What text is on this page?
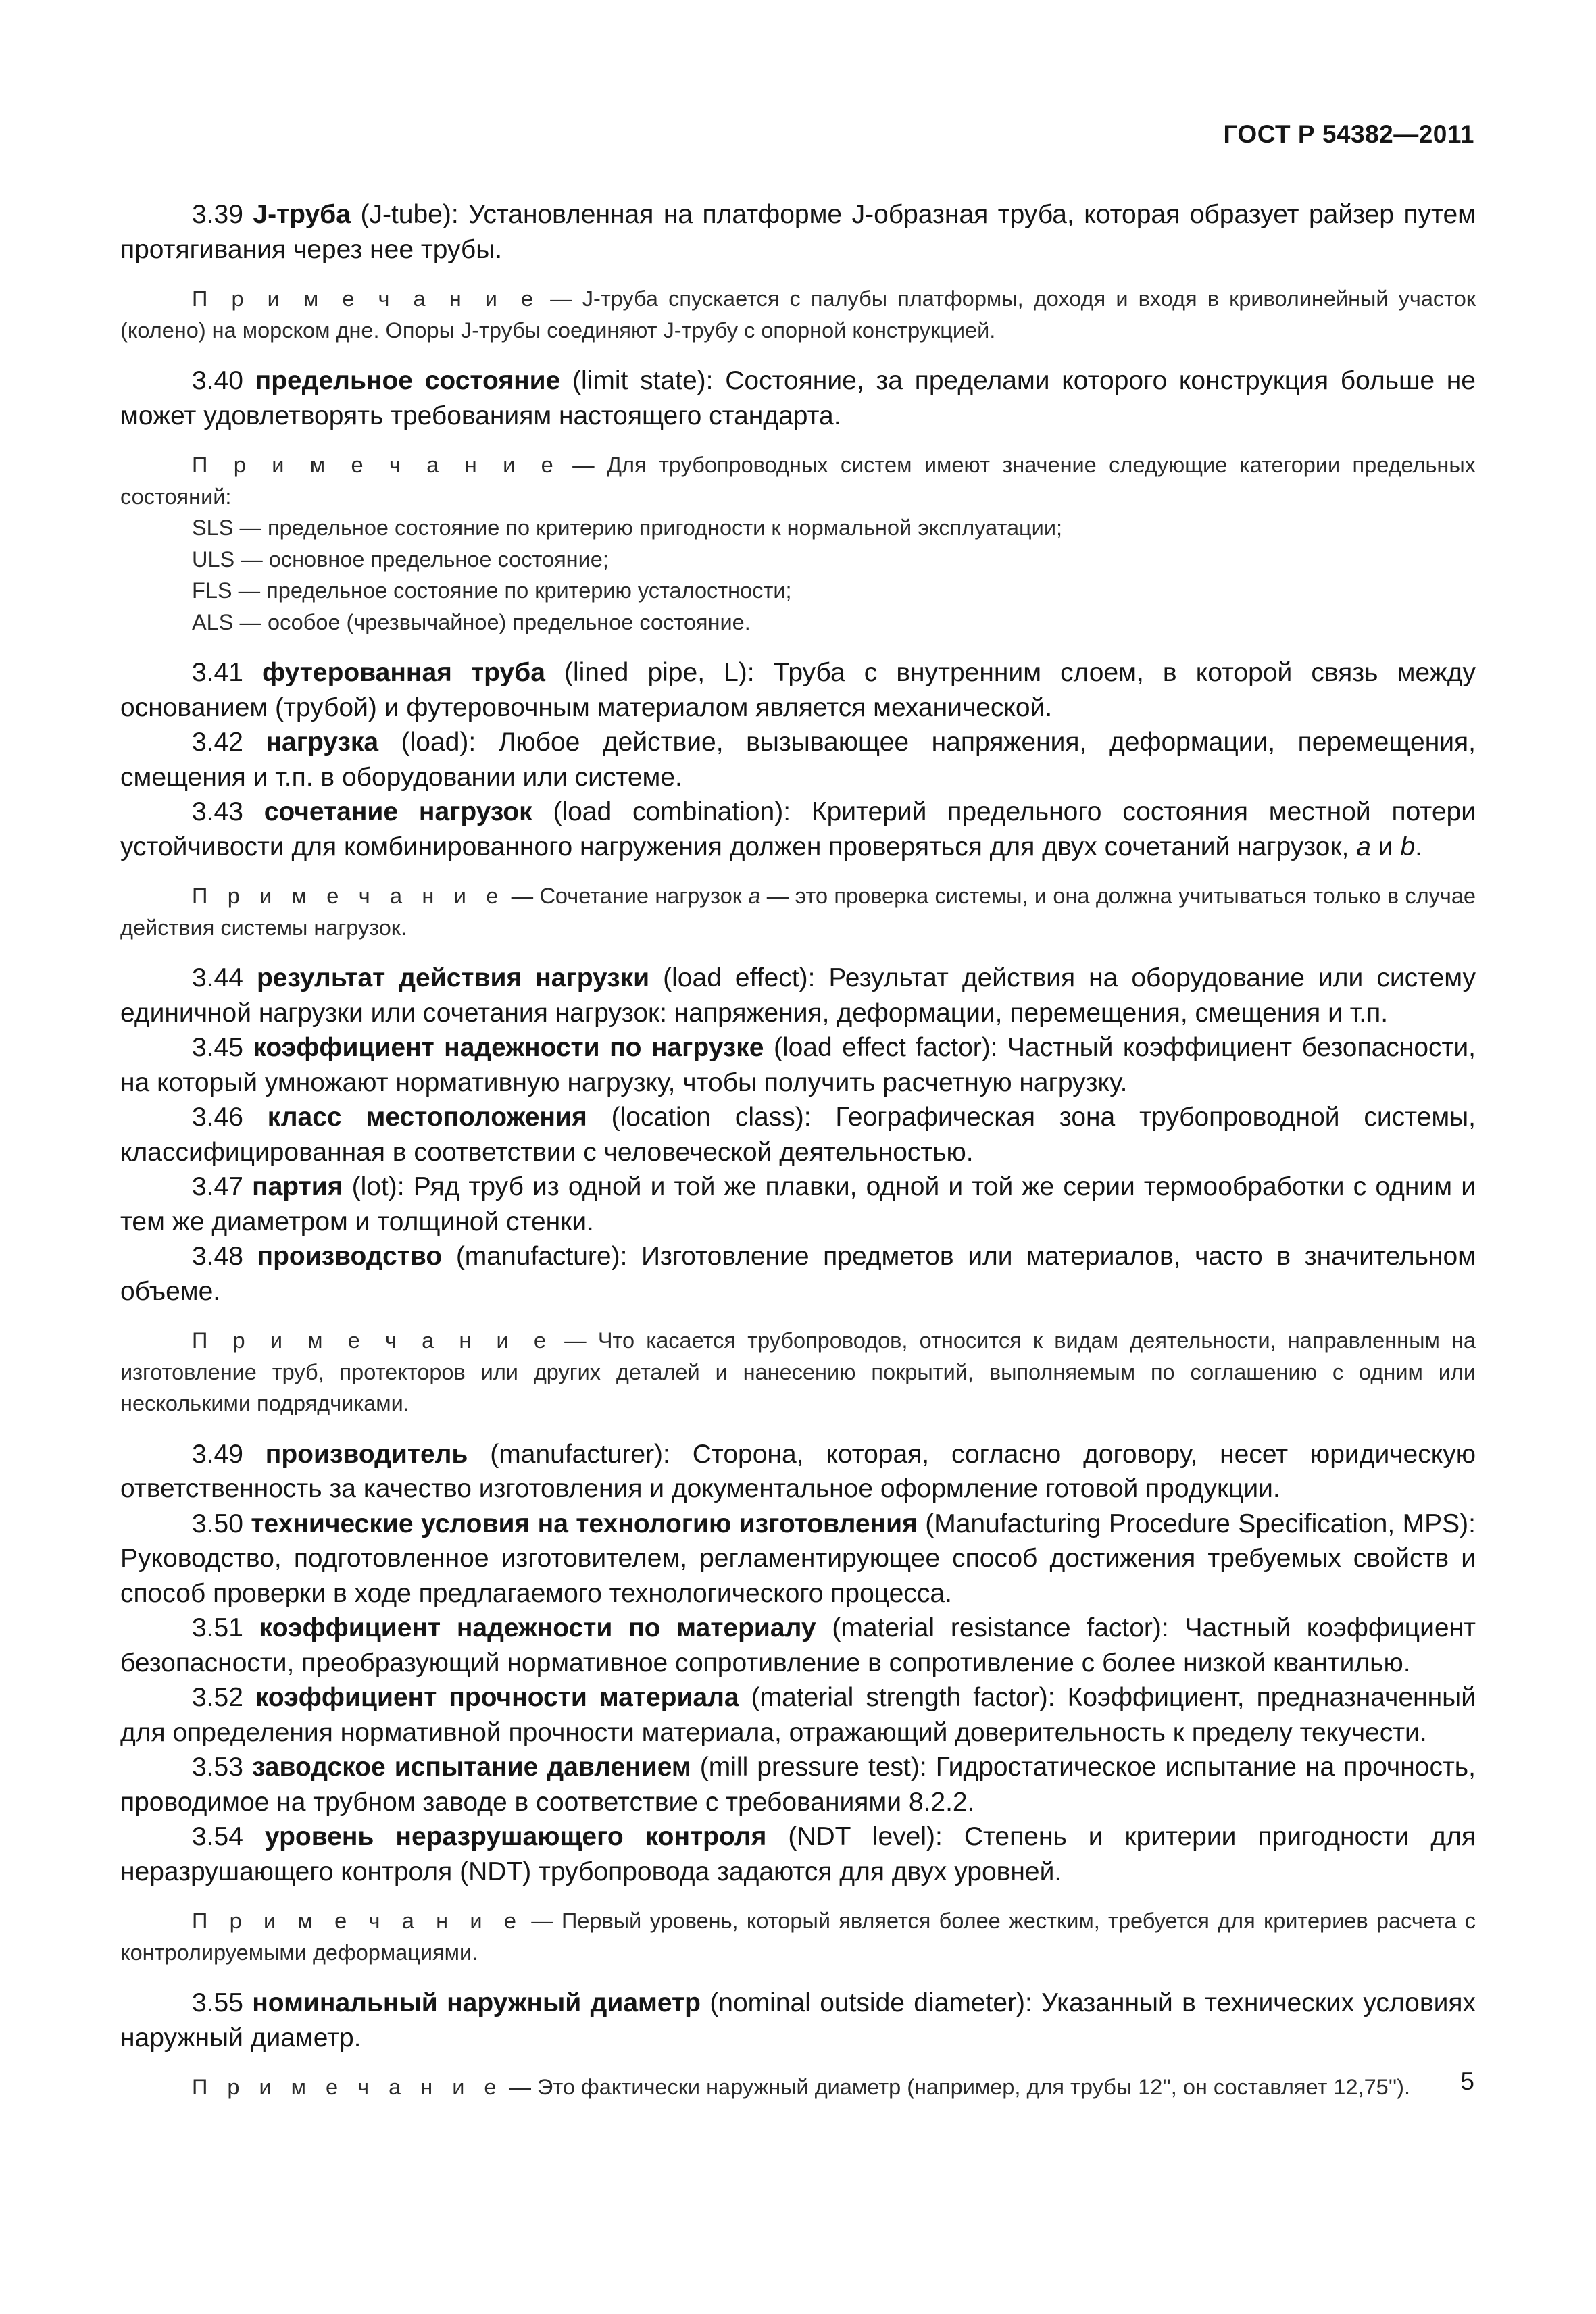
ГОСТ Р 54382—2011

3.39 J-труба (J-tube): Установленная на платформе J-образная труба, которая образует райзер путем протягивания через нее трубы.

П р и м е ч а н и е — J-труба спускается с палубы платформы, доходя и входя в криволинейный участок (колено) на морском дне. Опоры J-трубы соединяют J-трубу с опорной конструкцией.

3.40 предельное состояние (limit state): Состояние, за пределами которого конструкция больше не может удовлетворять требованиям настоящего стандарта.

П р и м е ч а н и е — Для трубопроводных систем имеют значение следующие категории предельных состояний:
SLS — предельное состояние по критерию пригодности к нормальной эксплуатации;
ULS — основное предельное состояние;
FLS — предельное состояние по критерию усталостности;
ALS — особое (чрезвычайное) предельное состояние.

3.41 футерованная труба (lined pipe, L): Труба с внутренним слоем, в которой связь между основанием (трубой) и футеровочным материалом является механической.

3.42 нагрузка (load): Любое действие, вызывающее напряжения, деформации, перемещения, смещения и т.п. в оборудовании или системе.

3.43 сочетание нагрузок (load combination): Критерий предельного состояния местной потери устойчивости для комбинированного нагружения должен проверяться для двух сочетаний нагрузок, a и b.

П р и м е ч а н и е — Сочетание нагрузок a — это проверка системы, и она должна учитываться только в случае действия системы нагрузок.

3.44 результат действия нагрузки (load effect): Результат действия на оборудование или систему единичной нагрузки или сочетания нагрузок: напряжения, деформации, перемещения, смещения и т.п.

3.45 коэффициент надежности по нагрузке (load effect factor): Частный коэффициент безопасности, на который умножают нормативную нагрузку, чтобы получить расчетную нагрузку.

3.46 класс местоположения (location class): Географическая зона трубопроводной системы, классифицированная в соответствии с человеческой деятельностью.

3.47 партия (lot): Ряд труб из одной и той же плавки, одной и той же серии термообработки с одним и тем же диаметром и толщиной стенки.

3.48 производство (manufacture): Изготовление предметов или материалов, часто в значительном объеме.

П р и м е ч а н и е — Что касается трубопроводов, относится к видам деятельности, направленным на изготовление труб, протекторов или других деталей и нанесению покрытий, выполняемым по соглашению с одним или несколькими подрядчиками.

3.49 производитель (manufacturer): Сторона, которая, согласно договору, несет юридическую ответственность за качество изготовления и документальное оформление готовой продукции.

3.50 технические условия на технологию изготовления (Manufacturing Procedure Specification, MPS): Руководство, подготовленное изготовителем, регламентирующее способ достижения требуемых свойств и способ проверки в ходе предлагаемого технологического процесса.

3.51 коэффициент надежности по материалу (material resistance factor): Частный коэффициент безопасности, преобразующий нормативное сопротивление в сопротивление с более низкой квантилью.

3.52 коэффициент прочности материала (material strength factor): Коэффициент, предназначенный для определения нормативной прочности материала, отражающий доверительность к пределу текучести.

3.53 заводское испытание давлением (mill pressure test): Гидростатическое испытание на прочность, проводимое на трубном заводе в соответствие с требованиями 8.2.2.

3.54 уровень неразрушающего контроля (NDT level): Степень и критерии пригодности для неразрушающего контроля (NDT) трубопровода задаются для двух уровней.

П р и м е ч а н и е — Первый уровень, который является более жестким, требуется для критериев расчета с контролируемыми деформациями.

3.55 номинальный наружный диаметр (nominal outside diameter): Указанный в технических условиях наружный диаметр.

П р и м е ч а н и е — Это фактически наружный диаметр (например, для трубы 12'', он составляет 12,75'').	5
